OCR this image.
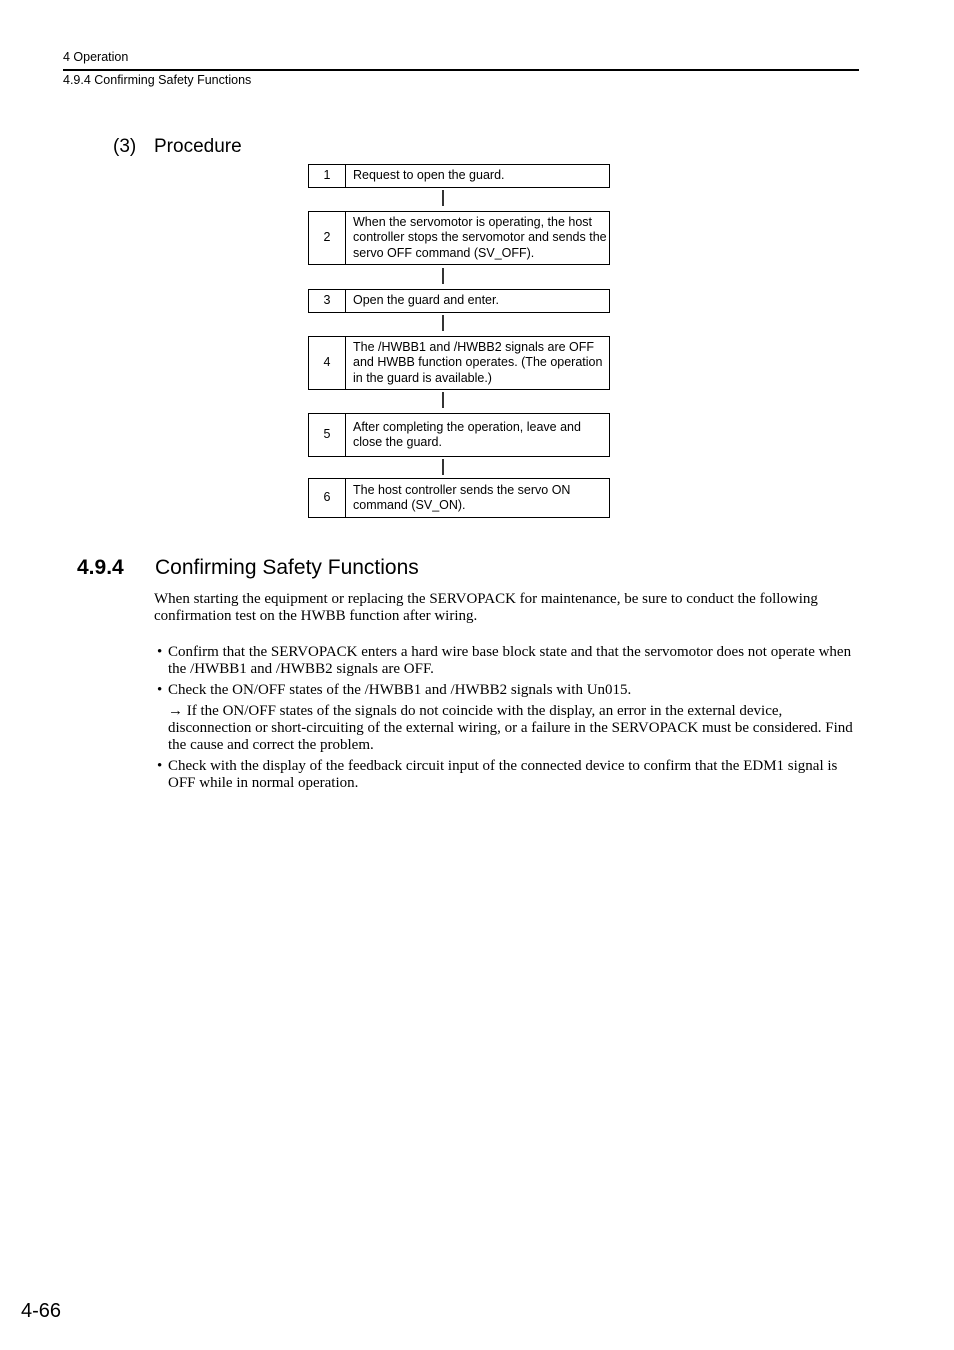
4 Operation
4.9.4 Confirming Safety Functions
(3) Procedure
1	Request to open the guard.
2
When the servomotor is operating, the host controller stops the servomotor and sends the servo OFF command (SV_OFF).
3	Open the guard and enter.
4
The /HWBB1 and /HWBB2 signals are OFF and HWBB function operates. (The operation in the guard is available.)
5
After completing the operation, leave and close the guard.
6
The host controller sends the servo ON command (SV_ON).
4.9.4 Confirming Safety Functions
When starting the equipment or replacing the SERVOPACK for maintenance, be sure to conduct the following confirmation test on the HWBB function after wiring.
• Confirm that the SERVOPACK enters a hard wire base block state and that the servomotor does not operate when the /HWBB1 and /HWBB2 signals are OFF.
• Check the ON/OFF states of the /HWBB1 and /HWBB2 signals with Un015.
→ If the ON/OFF states of the signals do not coincide with the display, an error in the external device, disconnection or short-circuiting of the external wiring, or a failure in the SERVOPACK must be considered. Find the cause and correct the problem.
• Check with the display of the feedback circuit input of the connected device to confirm that the EDM1 signal is OFF while in normal operation.
4-66
